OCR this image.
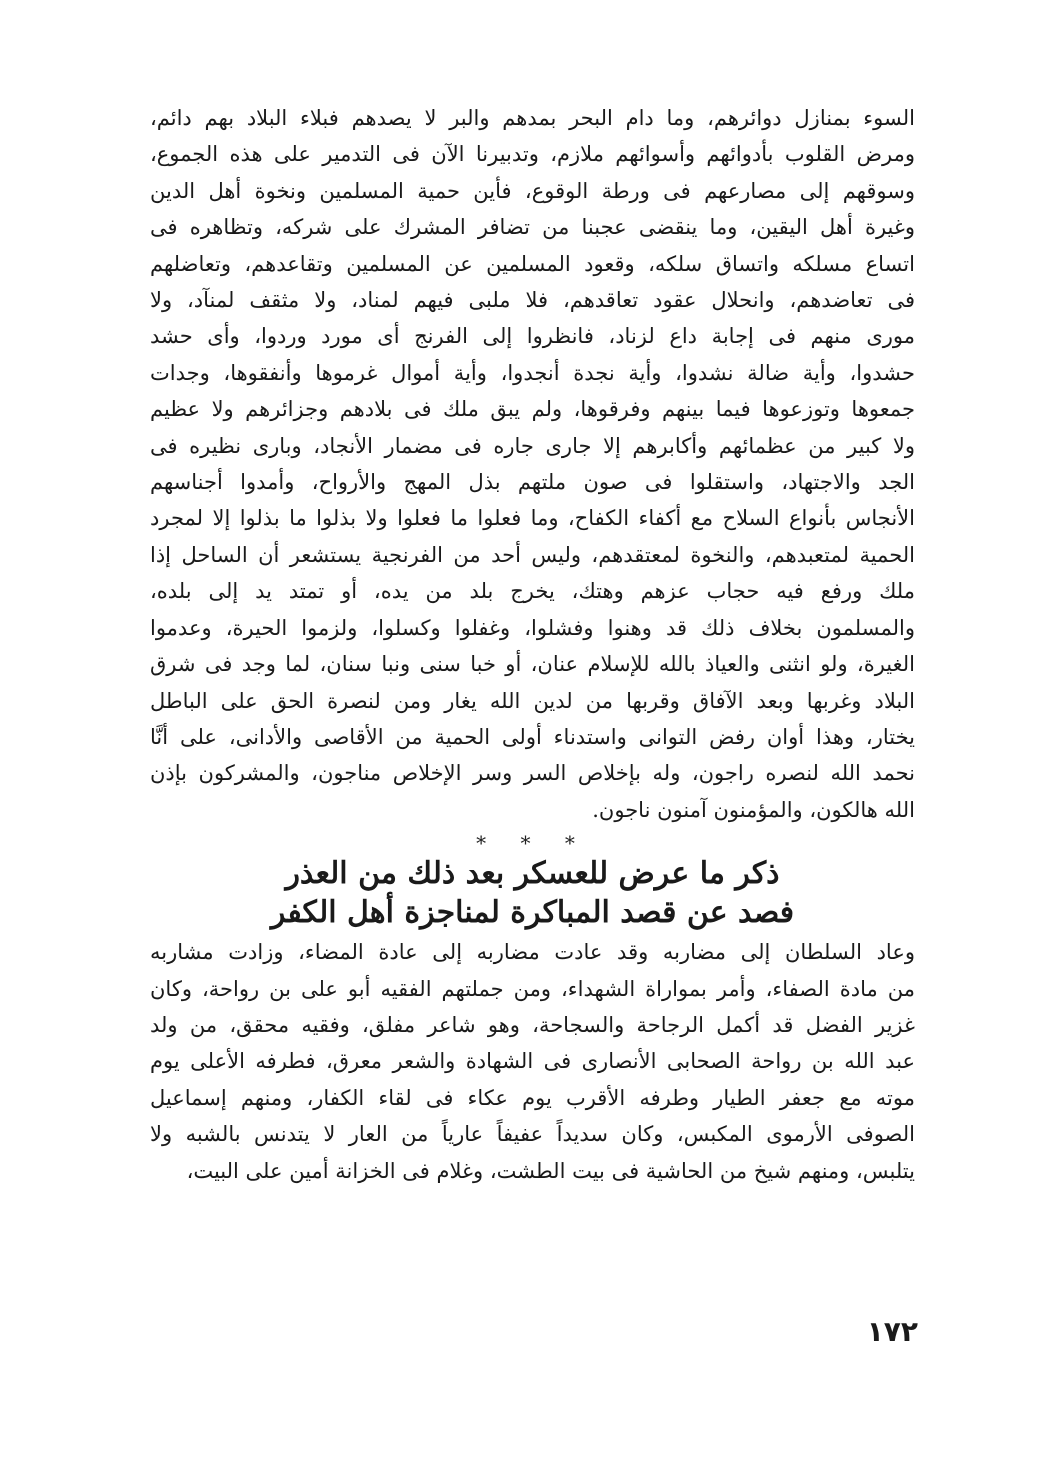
السوء بمنازل دوائرهم، وما دام البحر بمدهم والبر لا يصدهم فبلاء البلاد بهم دائم،
ومرض القلوب بأدوائهم وأسوائهم ملازم، وتدبيرنا الآن فى التدمير على هذه الجموع،
وسوقهم إلى مصارعهم فى ورطة الوقوع، فأين حمية المسلمين ونخوة أهل الدين
وغيرة أهل اليقين، وما ينقضى عجبنا من تضافر المشرك على شركه، وتظاهره فى
اتساع مسلكه واتساق سلكه، وقعود المسلمين عن المسلمين وتقاعدهم، وتعاضلهم
فى تعاضدهم، وانحلال عقود تعاقدهم، فلا ملبى فيهم لمناد، ولا مثقف لمنآد، ولا
مورى منهم فى إجابة داع لزناد، فانظروا إلى الفرنج أى مورد وردوا، وأى حشد
حشدوا، وأية ضالة نشدوا، وأية نجدة أنجدوا، وأية أموال غرموها وأنفقوها، وجدات
جمعوها وتوزعوها فيما بينهم وفرقوها، ولم يبق ملك فى بلادهم وجزائرهم ولا عظيم
ولا كبير من عظمائهم وأكابرهم إلا جارى جاره فى مضمار الأنجاد، وبارى نظيره فى
الجد والاجتهاد، واستقلوا فى صون ملتهم بذل المهج والأرواح، وأمدوا أجناسهم
الأنجاس بأنواع السلاح مع أكفاء الكفاح، وما فعلوا ما فعلوا ولا بذلوا ما بذلوا إلا لمجرد
الحمية لمتعبدهم، والنخوة لمعتقدهم، وليس أحد من الفرنجية يستشعر أن الساحل إذا
ملك ورفع فيه حجاب عزهم وهتك، يخرج بلد من يده، أو تمتد يد إلى بلده،
والمسلمون بخلاف ذلك قد وهنوا وفشلوا، وغفلوا وكسلوا، ولزموا الحيرة، وعدموا
الغيرة، ولو انثنى والعياذ بالله للإسلام عنان، أو خبا سنى ونبا سنان، لما وجد فى شرق
البلاد وغربها وبعد الآفاق وقربها من لدين الله يغار ومن لنصرة الحق على الباطل
يختار، وهذا أوان رفض التوانى واستدناء أولى الحمية من الأقاصى والأدانى، على أنَّا
نحمد الله لنصره راجون، وله بإخلاص السر وسر الإخلاص مناجون، والمشركون بإذن
الله هالكون، والمؤمنون آمنون ناجون.

* * *
ذكر ما عرض للعسكر بعد ذلك من العذر
فصد عن قصد المباكرة لمناجزة أهل الكفر

وعاد السلطان إلى مضاربه وقد عادت مضاربه إلى عادة المضاء، وزادت مشاربه
من مادة الصفاء، وأمر بمواراة الشهداء، ومن جملتهم الفقيه أبو على بن رواحة، وكان
غزير الفضل قد أكمل الرجاحة والسجاحة، وهو شاعر مفلق، وفقيه محقق، من ولد
عبد الله بن رواحة الصحابى الأنصارى فى الشهادة والشعر معرق، فطرفه الأعلى يوم
موته مع جعفر الطيار وطرفه الأقرب يوم عكاء فى لقاء الكفار، ومنهم إسماعيل
الصوفى الأرموى المكبس، وكان سديداً عفيفاً عارياً من العار لا يتدنس بالشبه ولا
يتلبس، ومنهم شيخ من الحاشية فى بيت الطشت، وغلام فى الخزانة أمين على البيت،

١٧٢
